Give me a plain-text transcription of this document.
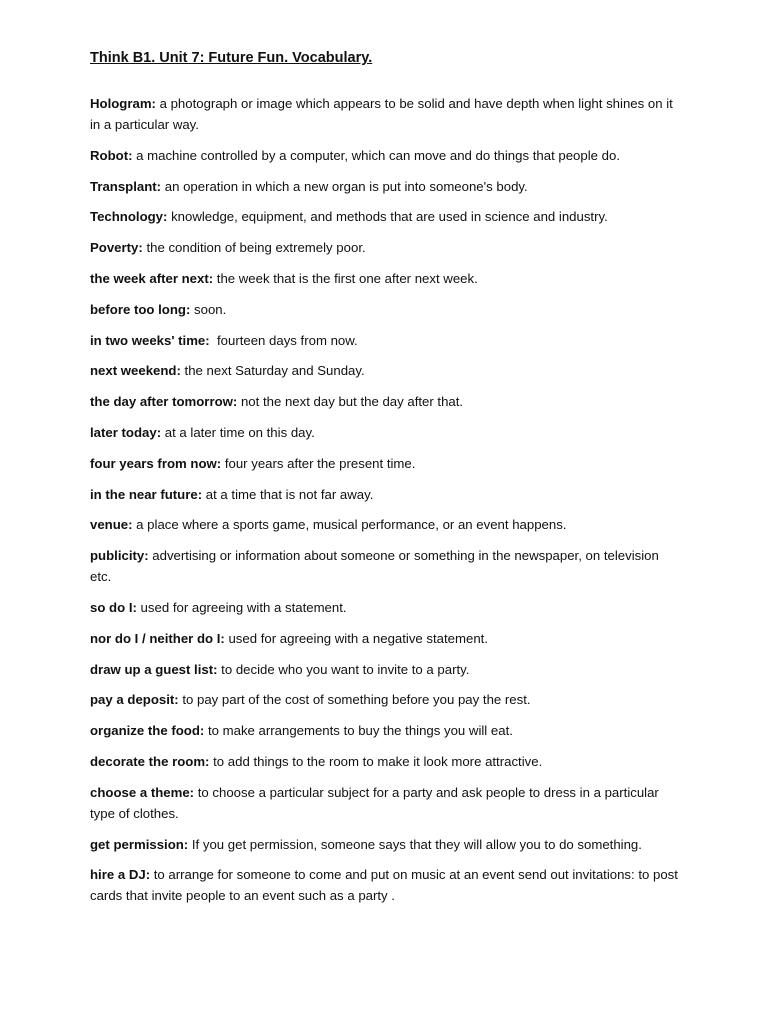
Think B1. Unit 7: Future Fun. Vocabulary.

Hologram: a photograph or image which appears to be solid and have depth when light shines on it in a particular way.

Robot: a machine controlled by a computer, which can move and do things that people do.

Transplant: an operation in which a new organ is put into someone's body.

Technology: knowledge, equipment, and methods that are used in science and industry.

Poverty: the condition of being extremely poor.

the week after next: the week that is the first one after next week.

before too long: soon.

in two weeks' time:  fourteen days from now.

next weekend: the next Saturday and Sunday.

the day after tomorrow: not the next day but the day after that.

later today: at a later time on this day.

four years from now: four years after the present time.

in the near future: at a time that is not far away.

venue: a place where a sports game, musical performance, or an event happens.

publicity: advertising or information about someone or something in the newspaper, on television etc.

so do I: used for agreeing with a statement.

nor do I / neither do I: used for agreeing with a negative statement.

draw up a guest list: to decide who you want to invite to a party.

pay a deposit: to pay part of the cost of something before you pay the rest.

organize the food: to make arrangements to buy the things you will eat.

decorate the room: to add things to the room to make it look more attractive.

choose a theme: to choose a particular subject for a party and ask people to dress in a particular type of clothes.

get permission: If you get permission, someone says that they will allow you to do something.

hire a DJ: to arrange for someone to come and put on music at an event send out invitations: to post cards that invite people to an event such as a party .
